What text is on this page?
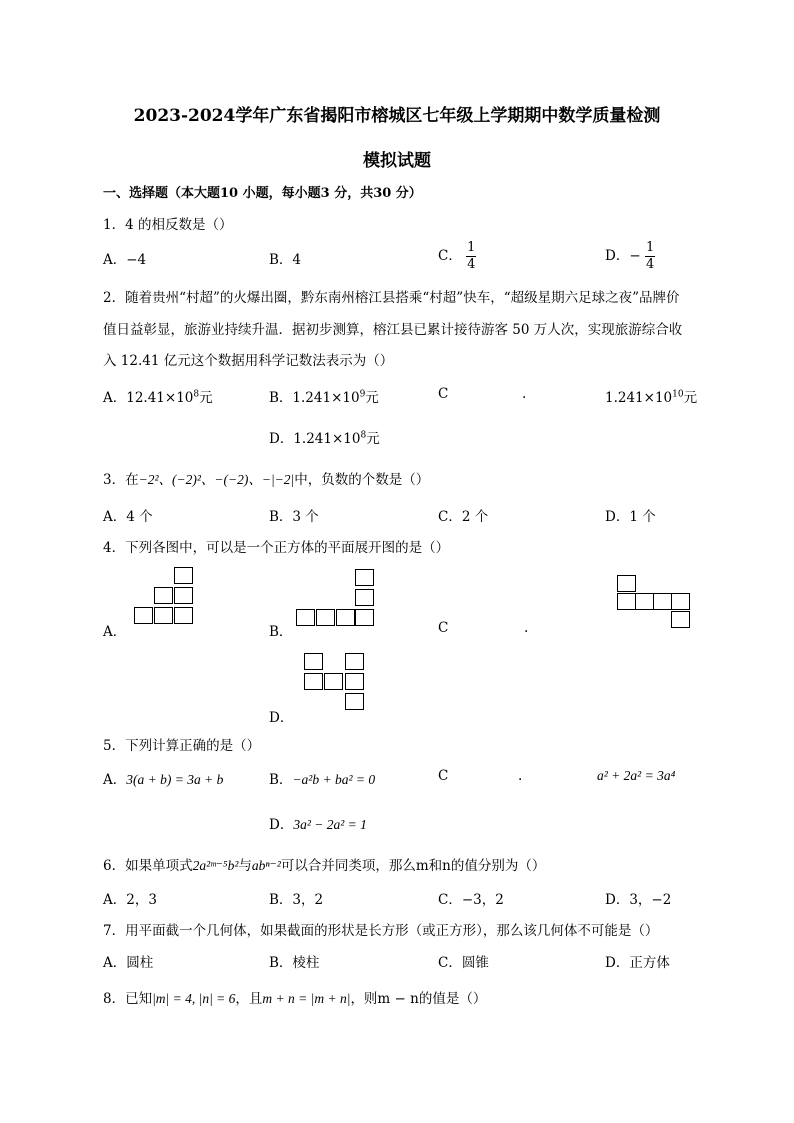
2023-2024学年广东省揭阳市榕城区七年级上学期期中数学质量检测
模拟试题
一、选择题（本大题10 小题，每小题3 分，共30 分）
1．4 的相反数是（）
A．−4	B．4	C． $\frac{1}{4}$	D．− $\frac{1}{4}$
2．随着贵州“村超”的火爆出圈，黔东南州榕江县搭乘“村超”快车，“超级星期六足球之夜”品牌价
值日益彰显，旅游业持续升温．据初步测算，榕江县已累计接待游客 50 万人次，实现旅游综合收
入 12.41 亿元这个数据用科学记数法表示为（）
A．$12.41\times 10^8$元	B．$1.241\times 10^9$元	C	.	$1.241\times 10^{10}$元
D．$1.241\times 10^8$元
3．在−2²、(−2)²、−(−2)、−|−2|中，负数的个数是（）
A．4 个	B．3 个	C．2 个	D．1 个
4．下列各图中，可以是一个正方体的平面展开图的是（）
A．	B．	C	.
D．
5．下列计算正确的是（）
A．3(a + b) = 3a + b	B．−a²b + ba² = 0	C	.	a² + 2a² = 3a⁴
D．3a² − 2a² = 1
6．如果单项式2a²ᵐ⁻⁵b²与abⁿ⁻²可以合并同类项，那么m和n的值分别为（）
A．2，3	B．3，2	C．−3，2	D．3，−2
7．用平面截一个几何体，如果截面的形状是长方形（或正方形），那么该几何体不可能是（）
A．圆柱	B．棱柱	C．圆锥	D．正方体
8．已知|m| = 4, |n| = 6，且m + n = |m + n|，则m − n的值是（）
